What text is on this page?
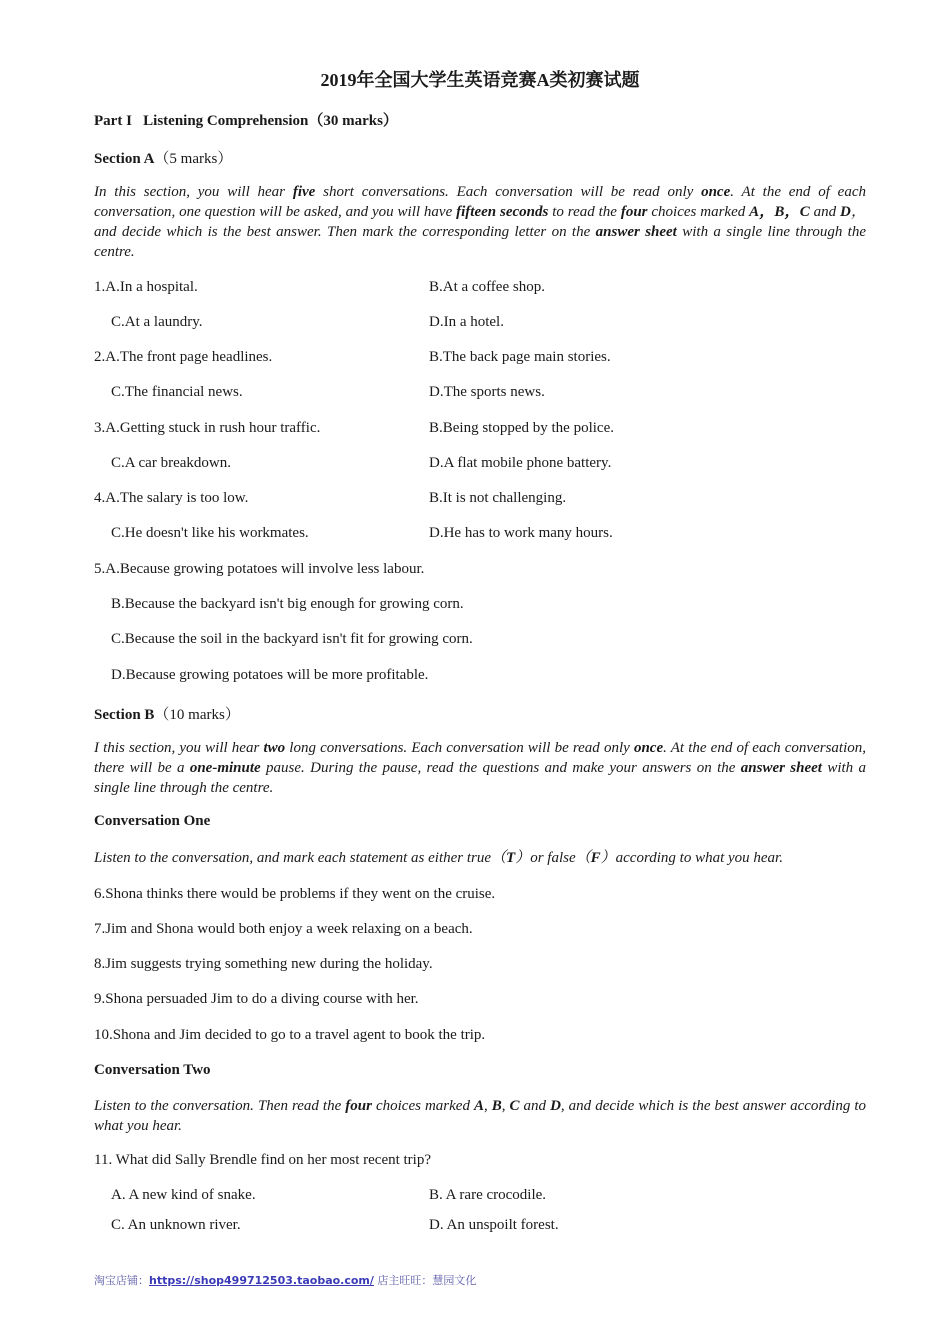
2019年全国大学生英语竞赛A类初赛试题
Part I Listening Comprehension（30 marks）
Section A（5 marks）
In this section, you will hear five short conversations. Each conversation will be read only once. At the end of each conversation, one question will be asked, and you will have fifteen seconds to read the four choices marked A，B，C and D，and decide which is the best answer. Then mark the corresponding letter on the answer sheet with a single line through the centre.
1.A.In a hospital.	B.At a coffee shop.
C.At a laundry.	D.In a hotel.
2.A.The front page headlines.	B.The back page main stories.
C.The financial news.	D.The sports news.
3.A.Getting stuck in rush hour traffic.	B.Being stopped by the police.
C.A car breakdown.	D.A flat mobile phone battery.
4.A.The salary is too low.	B.It is not challenging.
C.He doesn't like his workmates.	D.He has to work many hours.
5.A.Because growing potatoes will involve less labour.
B.Because the backyard isn't big enough for growing corn.
C.Because the soil in the backyard isn't fit for growing corn.
D.Because growing potatoes will be more profitable.
Section B（10 marks）
I this section, you will hear two long conversations. Each conversation will be read only once. At the end of each conversation, there will be a one-minute pause. During the pause, read the questions and make your answers on the answer sheet with a single line through the centre.
Conversation One
Listen to the conversation, and mark each statement as either true（T）or false（F）according to what you hear.
6.Shona thinks there would be problems if they went on the cruise.
7.Jim and Shona would both enjoy a week relaxing on a beach.
8.Jim suggests trying something new during the holiday.
9.Shona persuaded Jim to do a diving course with her.
10.Shona and Jim decided to go to a travel agent to book the trip.
Conversation Two
Listen to the conversation. Then read the four choices marked A, B, C and D, and decide which is the best answer according to what you hear.
11. What did Sally Brendle find on her most recent trip?
A. A new kind of snake.	B. A rare crocodile.
C. An unknown river.	D. An unspoilt forest.
淘宝店铺：https://shop499712503.taobao.com/ 店主旺旺：慧园文化
